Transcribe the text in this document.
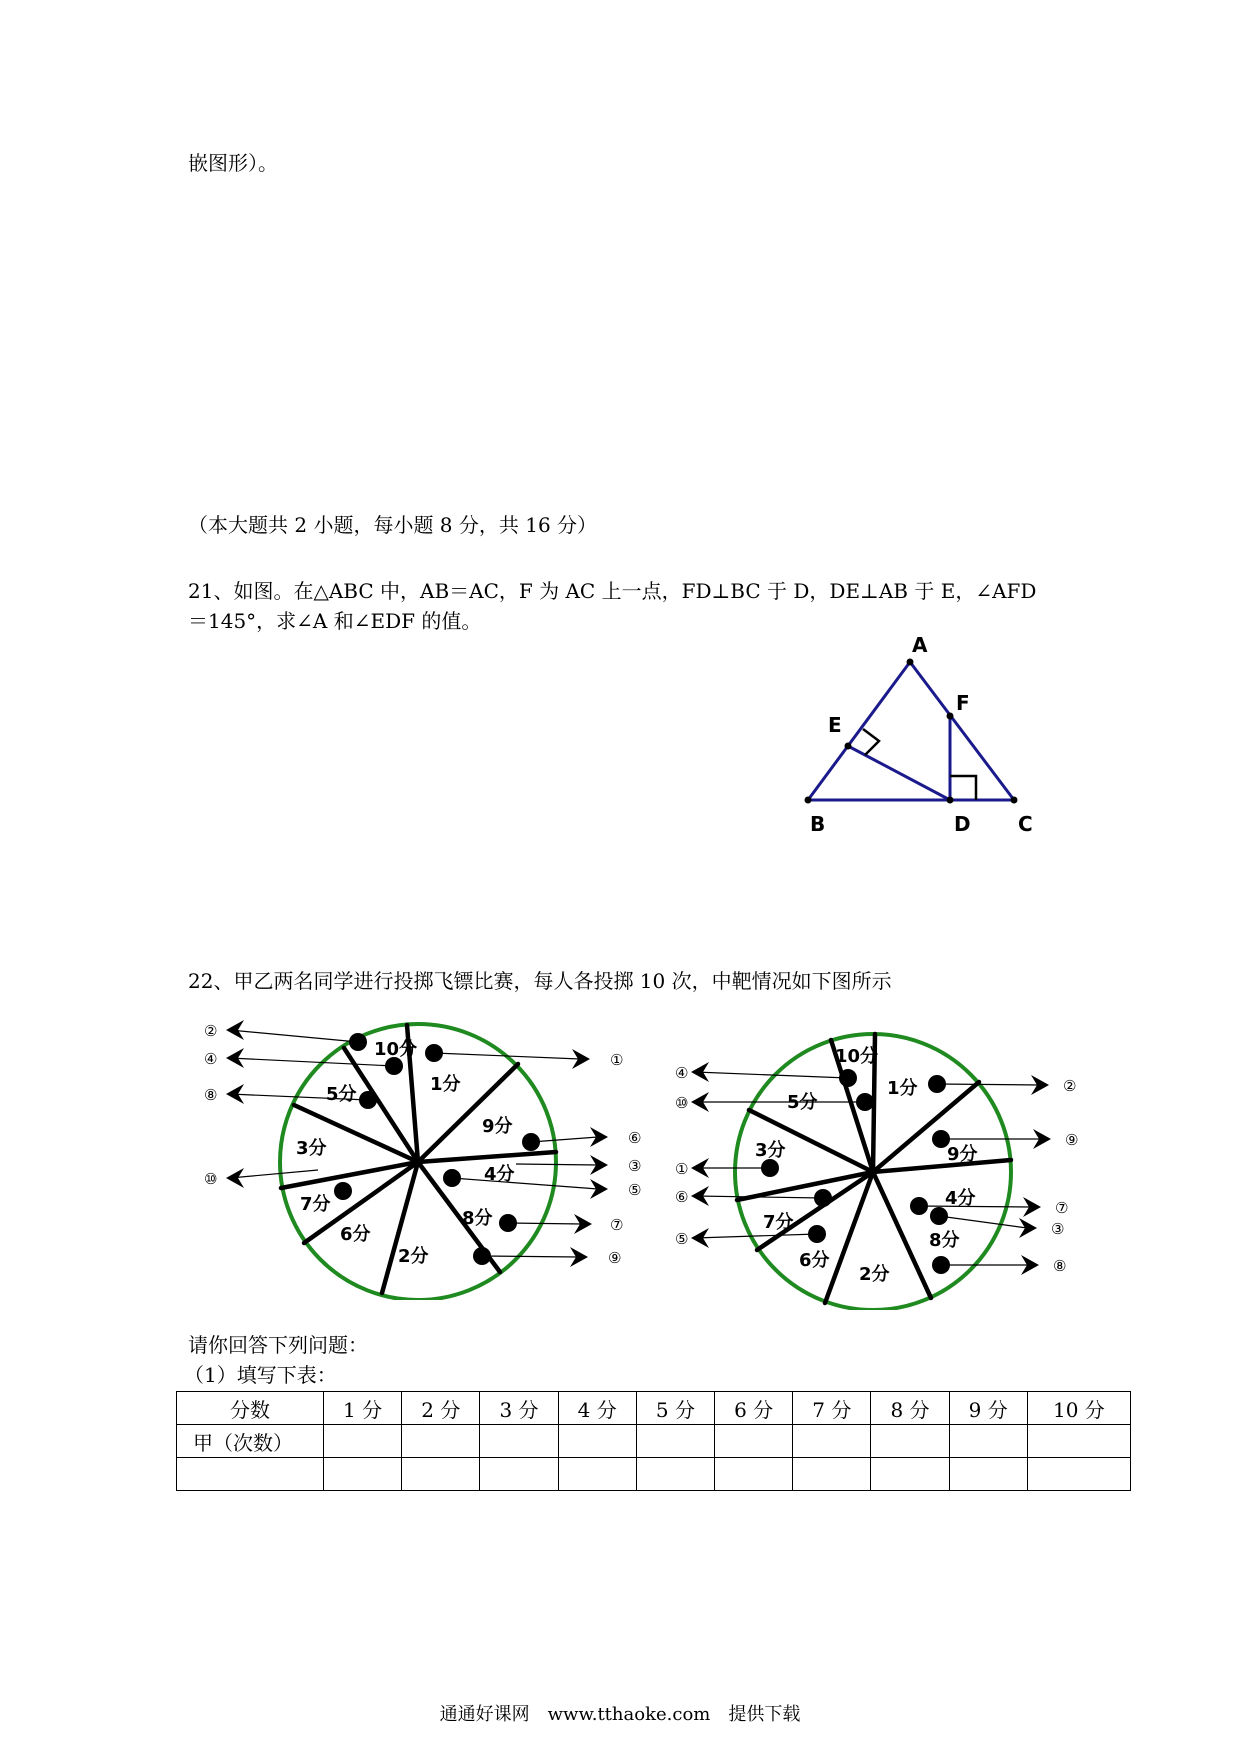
嵌图形）。
（本大题共 2 小题，每小题 8 分，共 16 分）
21、如图。在△ABC 中，AB＝AC，F 为 AC 上一点，FD⊥BC 于 D，DE⊥AB 于 E，∠AFD
＝145°，求∠A 和∠EDF 的值。
A
B	C
D
E
F
22、甲乙两名同学进行投掷飞镖比赛，每人各投掷 10 次，中靶情况如下图所示
10分
1分
9分
4分
8分
2分
6分
7分
3分
5分
②
④
⑧
⑩
①
⑥
③
⑤
⑦
⑨
10分
1分
9分
4分
8分
2分
6分
7分
3分
5分
④
⑩
①
⑥
⑤
②
⑨
⑦
③
⑧
请你回答下列问题：
（1）填写下表：
分数	1 分	2 分	3 分	4 分	5 分	6 分	7 分	8 分	9 分	10 分
甲（次数）										

通通好课网　www.tthaoke.com　提供下载
